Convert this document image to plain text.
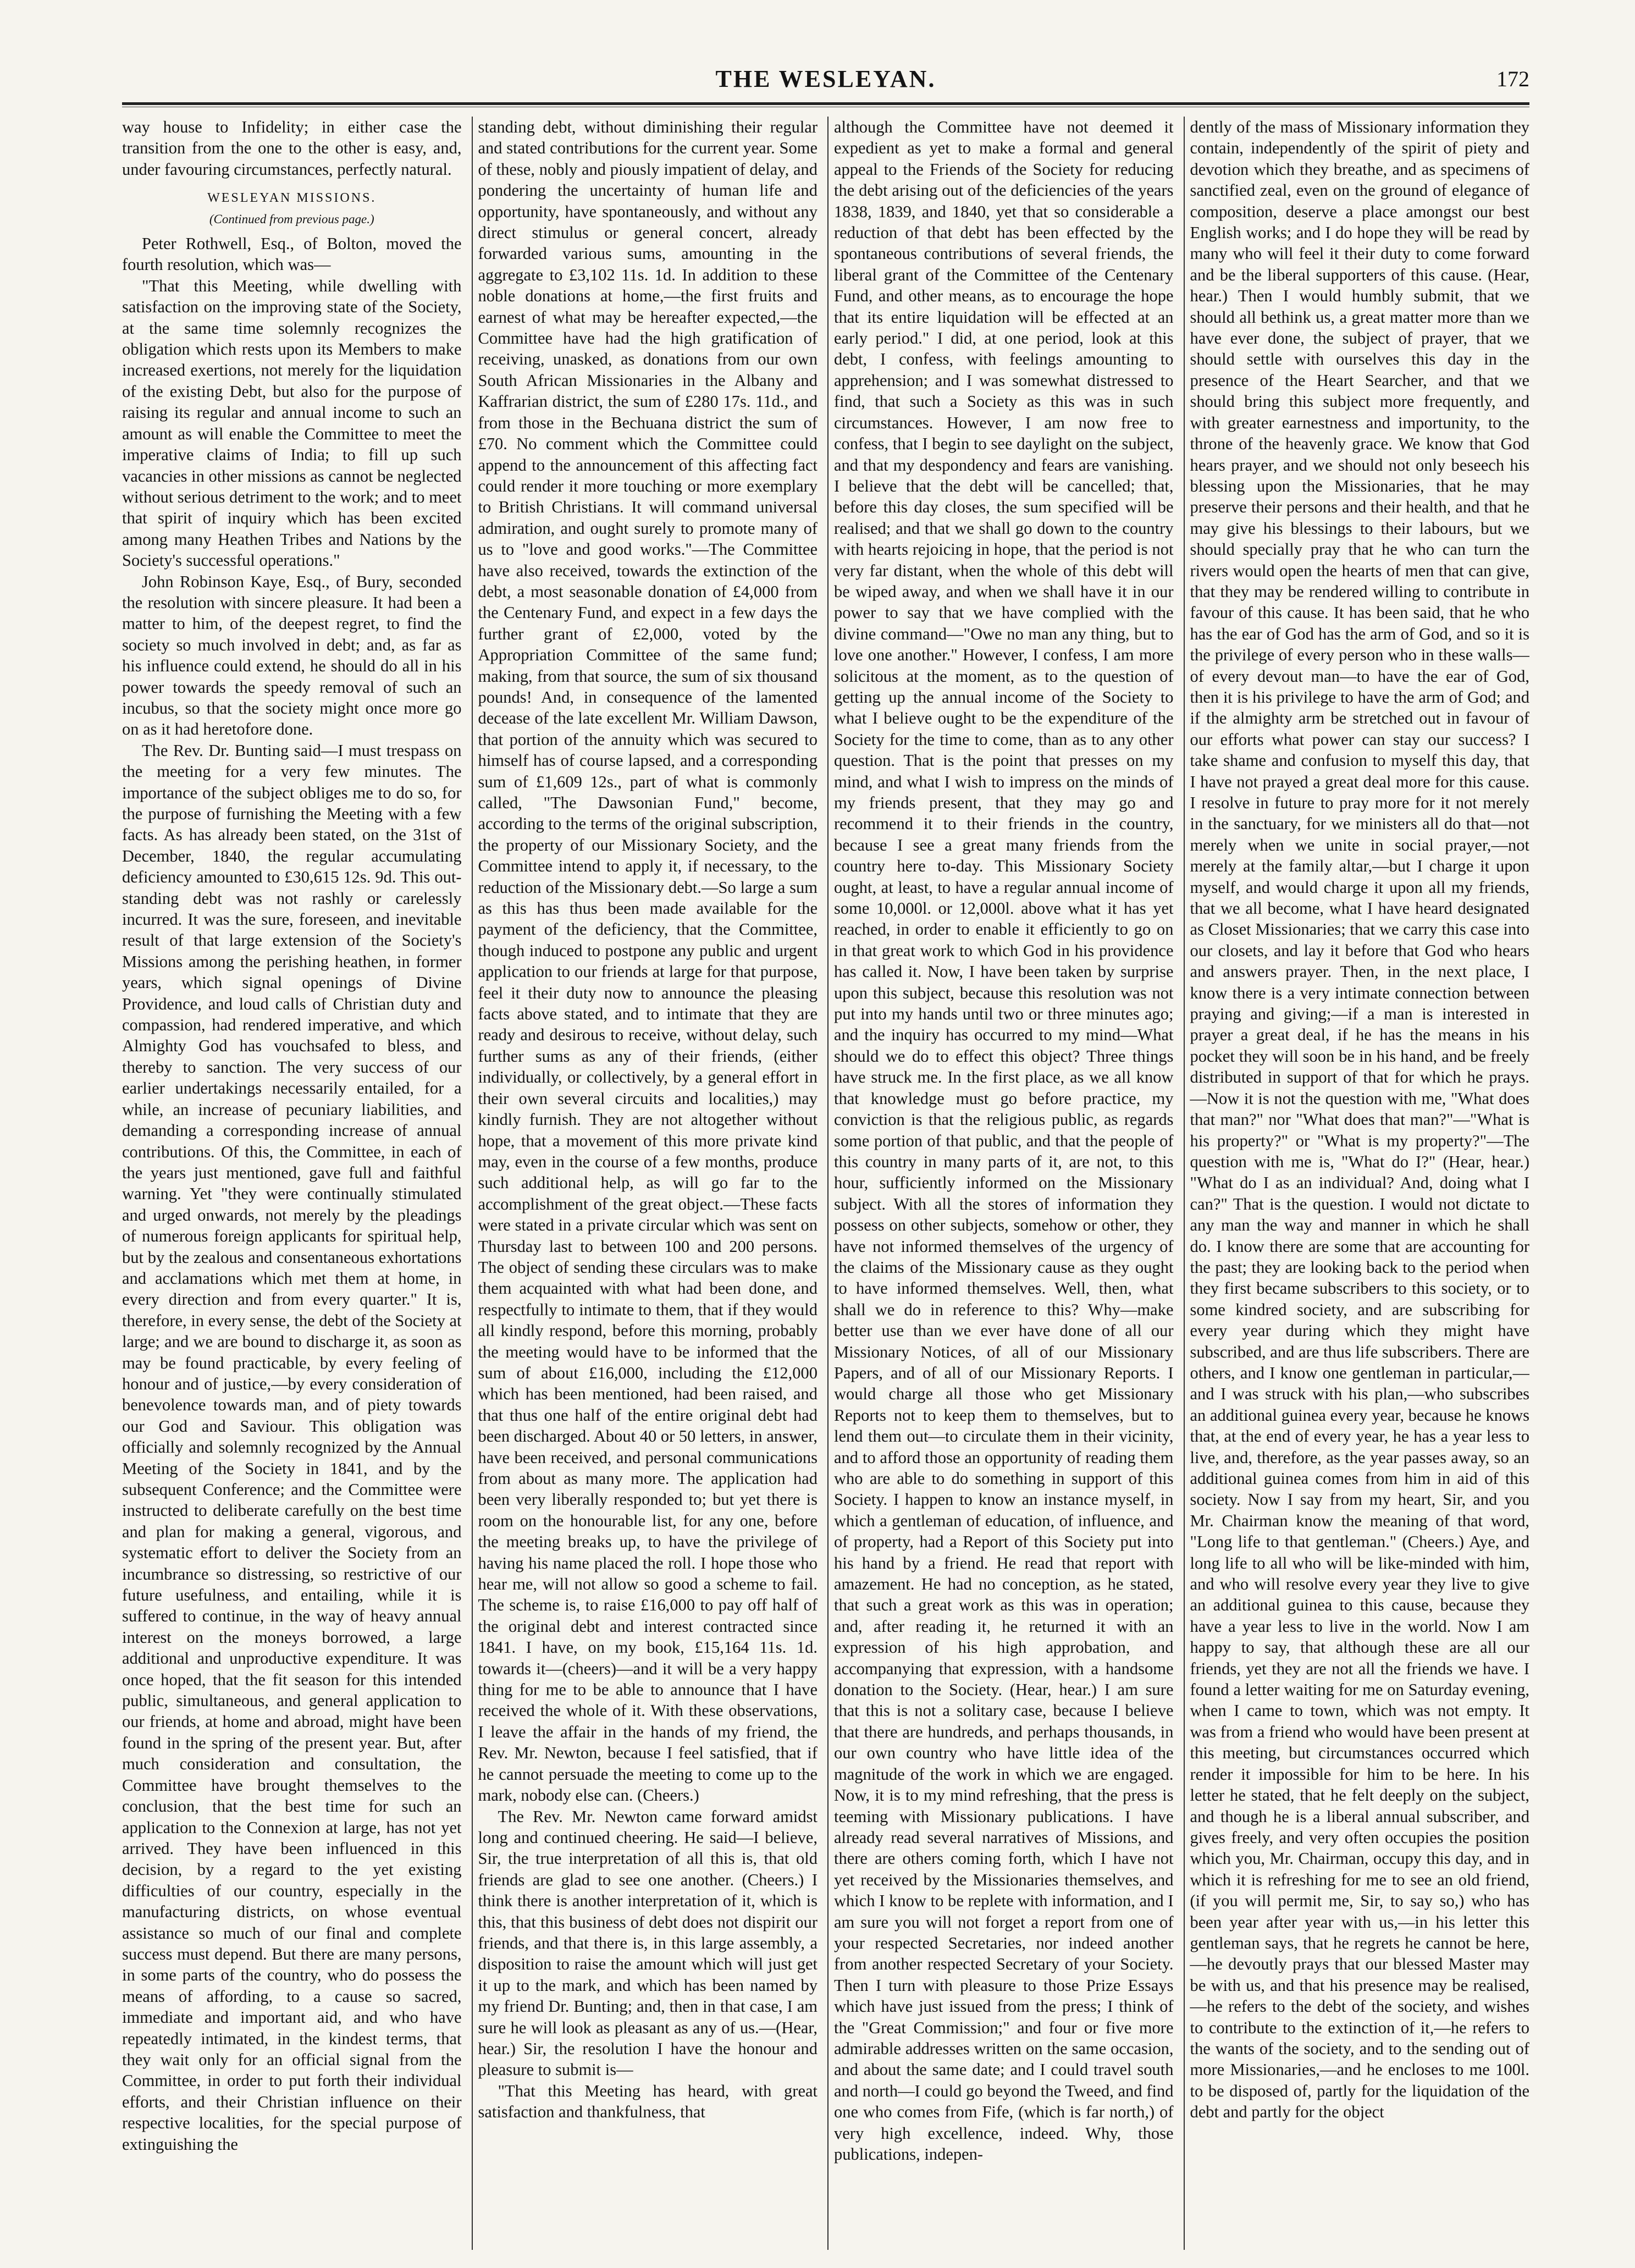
THE WESLEYAN.	172

way house to Infidelity; in either case the transition from the one to the other is easy, and, under favouring circumstances, perfectly natural.

WESLEYAN MISSIONS.
(Continued from previous page.)

Peter Rothwell, Esq., of Bolton, moved the fourth resolution, which was—

"That this Meeting, while dwelling with satisfaction on the improving state of the Society, at the same time solemnly recognizes the obligation which rests upon its Members to make increased exertions, not merely for the liquidation of the existing Debt, but also for the purpose of raising its regular and annual income to such an amount as will enable the Committee to meet the imperative claims of India; to fill up such vacancies in other missions as cannot be neglected without serious detriment to the work; and to meet that spirit of inquiry which has been excited among many Heathen Tribes and Nations by the Society's successful operations."

John Robinson Kaye, Esq., of Bury, seconded the resolution with sincere pleasure. It had been a matter to him, of the deepest regret, to find the society so much involved in debt; and, as far as his influence could extend, he should do all in his power towards the speedy removal of such an incubus, so that the society might once more go on as it had heretofore done.

The Rev. Dr. Bunting said—I must trespass on the meeting for a very few minutes. The importance of the subject obliges me to do so, for the purpose of furnishing the Meeting with a few facts. As has already been stated, on the 31st of December, 1840, the regular accumulating deficiency amounted to £30,615 12s. 9d. This out-standing debt was not rashly or carelessly incurred. It was the sure, foreseen, and inevitable result of that large extension of the Society's Missions among the perishing heathen, in former years, which signal openings of Divine Providence, and loud calls of Christian duty and compassion, had rendered imperative, and which Almighty God has vouchsafed to bless, and thereby to sanction. The very success of our earlier undertakings necessarily entailed, for a while, an increase of pecuniary liabilities, and demanding a corresponding increase of annual contributions. Of this, the Committee, in each of the years just mentioned, gave full and faithful warning. Yet "they were continually stimulated and urged onwards, not merely by the pleadings of numerous foreign applicants for spiritual help, but by the zealous and consentaneous exhortations and acclamations which met them at home, in every direction and from every quarter." It is, therefore, in every sense, the debt of the Society at large; and we are bound to discharge it, as soon as may be found practicable, by every feeling of honour and of justice,—by every consideration of benevolence towards man, and of piety towards our God and Saviour. This obligation was officially and solemnly recognized by the Annual Meeting of the Society in 1841, and by the subsequent Conference; and the Committee were instructed to deliberate carefully on the best time and plan for making a general, vigorous, and systematic effort to deliver the Society from an incumbrance so distressing, so restrictive of our future usefulness, and entailing, while it is suffered to continue, in the way of heavy annual interest on the moneys borrowed, a large additional and unproductive expenditure. It was once hoped, that the fit season for this intended public, simultaneous, and general application to our friends, at home and abroad, might have been found in the spring of the present year. But, after much consideration and consultation, the Committee have brought themselves to the conclusion, that the best time for such an application to the Connexion at large, has not yet arrived. They have been influenced in this decision, by a regard to the yet existing difficulties of our country, especially in the manufacturing districts, on whose eventual assistance so much of our final and complete success must depend. But there are many persons, in some parts of the country, who do possess the means of affording, to a cause so sacred, immediate and important aid, and who have repeatedly intimated, in the kindest terms, that they wait only for an official signal from the Committee, in order to put forth their individual efforts, and their Christian influence on their respective localities, for the special purpose of extinguishing the

standing debt, without diminishing their regular and stated contributions for the current year. Some of these, nobly and piously impatient of delay, and pondering the uncertainty of human life and opportunity, have spontaneously, and without any direct stimulus or general concert, already forwarded various sums, amounting in the aggregate to £3,102 11s. 1d. In addition to these noble donations at home,—the first fruits and earnest of what may be hereafter expected,—the Committee have had the high gratification of receiving, unasked, as donations from our own South African Missionaries in the Albany and Kaffrarian district, the sum of £280 17s. 11d., and from those in the Bechuana district the sum of £70. No comment which the Committee could append to the announcement of this affecting fact could render it more touching or more exemplary to British Christians. It will command universal admiration, and ought surely to promote many of us to "love and good works."—The Committee have also received, towards the extinction of the debt, a most seasonable donation of £4,000 from the Centenary Fund, and expect in a few days the further grant of £2,000, voted by the Appropriation Committee of the same fund; making, from that source, the sum of six thousand pounds! And, in consequence of the lamented decease of the late excellent Mr. William Dawson, that portion of the annuity which was secured to himself has of course lapsed, and a corresponding sum of £1,609 12s., part of what is commonly called, "The Dawsonian Fund," become, according to the terms of the original subscription, the property of our Missionary Society, and the Committee intend to apply it, if necessary, to the reduction of the Missionary debt.—So large a sum as this has thus been made available for the payment of the deficiency, that the Committee, though induced to postpone any public and urgent application to our friends at large for that purpose, feel it their duty now to announce the pleasing facts above stated, and to intimate that they are ready and desirous to receive, without delay, such further sums as any of their friends, (either individually, or collectively, by a general effort in their own several circuits and localities,) may kindly furnish. They are not altogether without hope, that a movement of this more private kind may, even in the course of a few months, produce such additional help, as will go far to the accomplishment of the great object.—These facts were stated in a private circular which was sent on Thursday last to between 100 and 200 persons. The object of sending these circulars was to make them acquainted with what had been done, and respectfully to intimate to them, that if they would all kindly respond, before this morning, probably the meeting would have to be informed that the sum of about £16,000, including the £12,000 which has been mentioned, had been raised, and that thus one half of the entire original debt had been discharged. About 40 or 50 letters, in answer, have been received, and personal communications from about as many more. The application had been very liberally responded to; but yet there is room on the honourable list, for any one, before the meeting breaks up, to have the privilege of having his name placed the roll. I hope those who hear me, will not allow so good a scheme to fail. The scheme is, to raise £16,000 to pay off half of the original debt and interest contracted since 1841. I have, on my book, £15,164 11s. 1d. towards it—(cheers)—and it will be a very happy thing for me to be able to announce that I have received the whole of it. With these observations, I leave the affair in the hands of my friend, the Rev. Mr. Newton, because I feel satisfied, that if he cannot persuade the meeting to come up to the mark, nobody else can. (Cheers.)

The Rev. Mr. Newton came forward amidst long and continued cheering. He said—I believe, Sir, the true interpretation of all this is, that old friends are glad to see one another. (Cheers.) I think there is another interpretation of it, which is this, that this business of debt does not dispirit our friends, and that there is, in this large assembly, a disposition to raise the amount which will just get it up to the mark, and which has been named by my friend Dr. Bunting; and, then in that case, I am sure he will look as pleasant as any of us.—(Hear, hear.) Sir, the resolution I have the honour and pleasure to submit is—

"That this Meeting has heard, with great satisfaction and thankfulness, that

although the Committee have not deemed it expedient as yet to make a formal and general appeal to the Friends of the Society for reducing the debt arising out of the deficiencies of the years 1838, 1839, and 1840, yet that so considerable a reduction of that debt has been effected by the spontaneous contributions of several friends, the liberal grant of the Committee of the Centenary Fund, and other means, as to encourage the hope that its entire liquidation will be effected at an early period." I did, at one period, look at this debt, I confess, with feelings amounting to apprehension; and I was somewhat distressed to find, that such a Society as this was in such circumstances. However, I am now free to confess, that I begin to see daylight on the subject, and that my despondency and fears are vanishing. I believe that the debt will be cancelled; that, before this day closes, the sum specified will be realised; and that we shall go down to the country with hearts rejoicing in hope, that the period is not very far distant, when the whole of this debt will be wiped away, and when we shall have it in our power to say that we have complied with the divine command—"Owe no man any thing, but to love one another." However, I confess, I am more solicitous at the moment, as to the question of getting up the annual income of the Society to what I believe ought to be the expenditure of the Society for the time to come, than as to any other question. That is the point that presses on my mind, and what I wish to impress on the minds of my friends present, that they may go and recommend it to their friends in the country, because I see a great many friends from the country here to-day. This Missionary Society ought, at least, to have a regular annual income of some 10,000l. or 12,000l. above what it has yet reached, in order to enable it efficiently to go on in that great work to which God in his providence has called it. Now, I have been taken by surprise upon this subject, because this resolution was not put into my hands until two or three minutes ago; and the inquiry has occurred to my mind—What should we do to effect this object? Three things have struck me. In the first place, as we all know that knowledge must go before practice, my conviction is that the religious public, as regards some portion of that public, and that the people of this country in many parts of it, are not, to this hour, sufficiently informed on the Missionary subject. With all the stores of information they possess on other subjects, somehow or other, they have not informed themselves of the urgency of the claims of the Missionary cause as they ought to have informed themselves. Well, then, what shall we do in reference to this? Why—make better use than we ever have done of all our Missionary Notices, of all of our Missionary Papers, and of all of our Missionary Reports. I would charge all those who get Missionary Reports not to keep them to themselves, but to lend them out—to circulate them in their vicinity, and to afford those an opportunity of reading them who are able to do something in support of this Society. I happen to know an instance myself, in which a gentleman of education, of influence, and of property, had a Report of this Society put into his hand by a friend. He read that report with amazement. He had no conception, as he stated, that such a great work as this was in operation; and, after reading it, he returned it with an expression of his high approbation, and accompanying that expression, with a handsome donation to the Society. (Hear, hear.) I am sure that this is not a solitary case, because I believe that there are hundreds, and perhaps thousands, in our own country who have little idea of the magnitude of the work in which we are engaged. Now, it is to my mind refreshing, that the press is teeming with Missionary publications. I have already read several narratives of Missions, and there are others coming forth, which I have not yet received by the Missionaries themselves, and which I know to be replete with information, and I am sure you will not forget a report from one of your respected Secretaries, nor indeed another from another respected Secretary of your Society. Then I turn with pleasure to those Prize Essays which have just issued from the press; I think of the "Great Commission;" and four or five more admirable addresses written on the same occasion, and about the same date; and I could travel south and north—I could go beyond the Tweed, and find one who comes from Fife, (which is far north,) of very high excellence, indeed. Why, those publications, indepen-

dently of the mass of Missionary information they contain, independently of the spirit of piety and devotion which they breathe, and as specimens of sanctified zeal, even on the ground of elegance of composition, deserve a place amongst our best English works; and I do hope they will be read by many who will feel it their duty to come forward and be the liberal supporters of this cause. (Hear, hear.) Then I would humbly submit, that we should all bethink us, a great matter more than we have ever done, the subject of prayer, that we should settle with ourselves this day in the presence of the Heart Searcher, and that we should bring this subject more frequently, and with greater earnestness and importunity, to the throne of the heavenly grace. We know that God hears prayer, and we should not only beseech his blessing upon the Missionaries, that he may preserve their persons and their health, and that he may give his blessings to their labours, but we should specially pray that he who can turn the rivers would open the hearts of men that can give, that they may be rendered willing to contribute in favour of this cause. It has been said, that he who has the ear of God has the arm of God, and so it is the privilege of every person who in these walls—of every devout man—to have the ear of God, then it is his privilege to have the arm of God; and if the almighty arm be stretched out in favour of our efforts what power can stay our success? I take shame and confusion to myself this day, that I have not prayed a great deal more for this cause. I resolve in future to pray more for it not merely in the sanctuary, for we ministers all do that—not merely when we unite in social prayer,—not merely at the family altar,—but I charge it upon myself, and would charge it upon all my friends, that we all become, what I have heard designated as Closet Missionaries; that we carry this case into our closets, and lay it before that God who hears and answers prayer. Then, in the next place, I know there is a very intimate connection between praying and giving;—if a man is interested in prayer a great deal, if he has the means in his pocket they will soon be in his hand, and be freely distributed in support of that for which he prays.—Now it is not the question with me, "What does that man?" nor "What does that man?"—"What is his property?" or "What is my property?"—The question with me is, "What do I?" (Hear, hear.) "What do I as an individual? And, doing what I can?" That is the question. I would not dictate to any man the way and manner in which he shall do. I know there are some that are accounting for the past; they are looking back to the period when they first became subscribers to this society, or to some kindred society, and are subscribing for every year during which they might have subscribed, and are thus life subscribers. There are others, and I know one gentleman in particular,—and I was struck with his plan,—who subscribes an additional guinea every year, because he knows that, at the end of every year, he has a year less to live, and, therefore, as the year passes away, so an additional guinea comes from him in aid of this society. Now I say from my heart, Sir, and you Mr. Chairman know the meaning of that word, "Long life to that gentleman." (Cheers.) Aye, and long life to all who will be like-minded with him, and who will resolve every year they live to give an additional guinea to this cause, because they have a year less to live in the world. Now I am happy to say, that although these are all our friends, yet they are not all the friends we have. I found a letter waiting for me on Saturday evening, when I came to town, which was not empty. It was from a friend who would have been present at this meeting, but circumstances occurred which render it impossible for him to be here. In his letter he stated, that he felt deeply on the subject, and though he is a liberal annual subscriber, and gives freely, and very often occupies the position which you, Mr. Chairman, occupy this day, and in which it is refreshing for me to see an old friend, (if you will permit me, Sir, to say so,) who has been year after year with us,—in his letter this gentleman says, that he regrets he cannot be here,—he devoutly prays that our blessed Master may be with us, and that his presence may be realised,—he refers to the debt of the society, and wishes to contribute to the extinction of it,—he refers to the wants of the society, and to the sending out of more Missionaries,—and he encloses to me 100l. to be disposed of, partly for the liquidation of the debt and partly for the object
